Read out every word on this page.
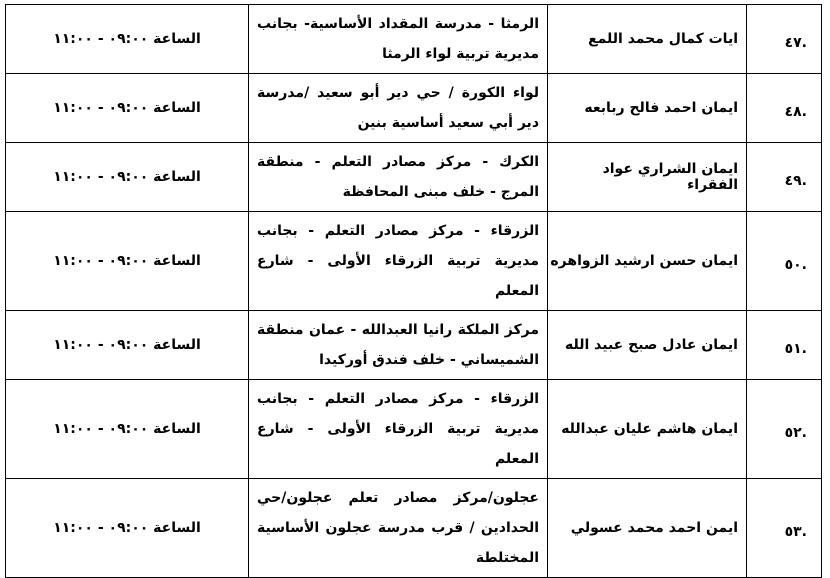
.٤٧	ايات كمال محمد اللمع	الرمثا - مدرسة المقداد الأساسية- بجانب مديرية تربية لواء الرمثا	الساعة ٠٩:٠٠ - ١١:٠٠
.٤٨	ايمان احمد فالح ربابعه	لواء الكورة / حي دير أبو سعيد /مدرسة دير أبي سعيد أساسية بنين	الساعة ٠٩:٠٠ - ١١:٠٠
.٤٩	ايمان الشراري عواد الفقراء	الكرك - مركز مصادر التعلم - منطقة المرج - خلف مبنى المحافظة	الساعة ٠٩:٠٠ - ١١:٠٠
.٥٠	ايمان حسن ارشيد الزواهره	الزرقاء - مركز مصادر التعلم - بجانب مديرية تربية الزرقاء الأولى - شارع المعلم	الساعة ٠٩:٠٠ - ١١:٠٠
.٥١	ايمان عادل صبح عبيد الله	مركز الملكة رانيا العبدالله - عمان منطقة الشميساني - خلف فندق أوركيدا	الساعة ٠٩:٠٠ - ١١:٠٠
.٥٢	ايمان هاشم عليان عبدالله	الزرقاء - مركز مصادر التعلم - بجانب مديرية تربية الزرقاء الأولى - شارع المعلم	الساعة ٠٩:٠٠ - ١١:٠٠
.٥٣	ايمن احمد محمد عسولي	عجلون/مركز مصادر تعلم عجلون/حي الحدادين / قرب مدرسة عجلون الأساسية المختلطة	الساعة ٠٩:٠٠ - ١١:٠٠
